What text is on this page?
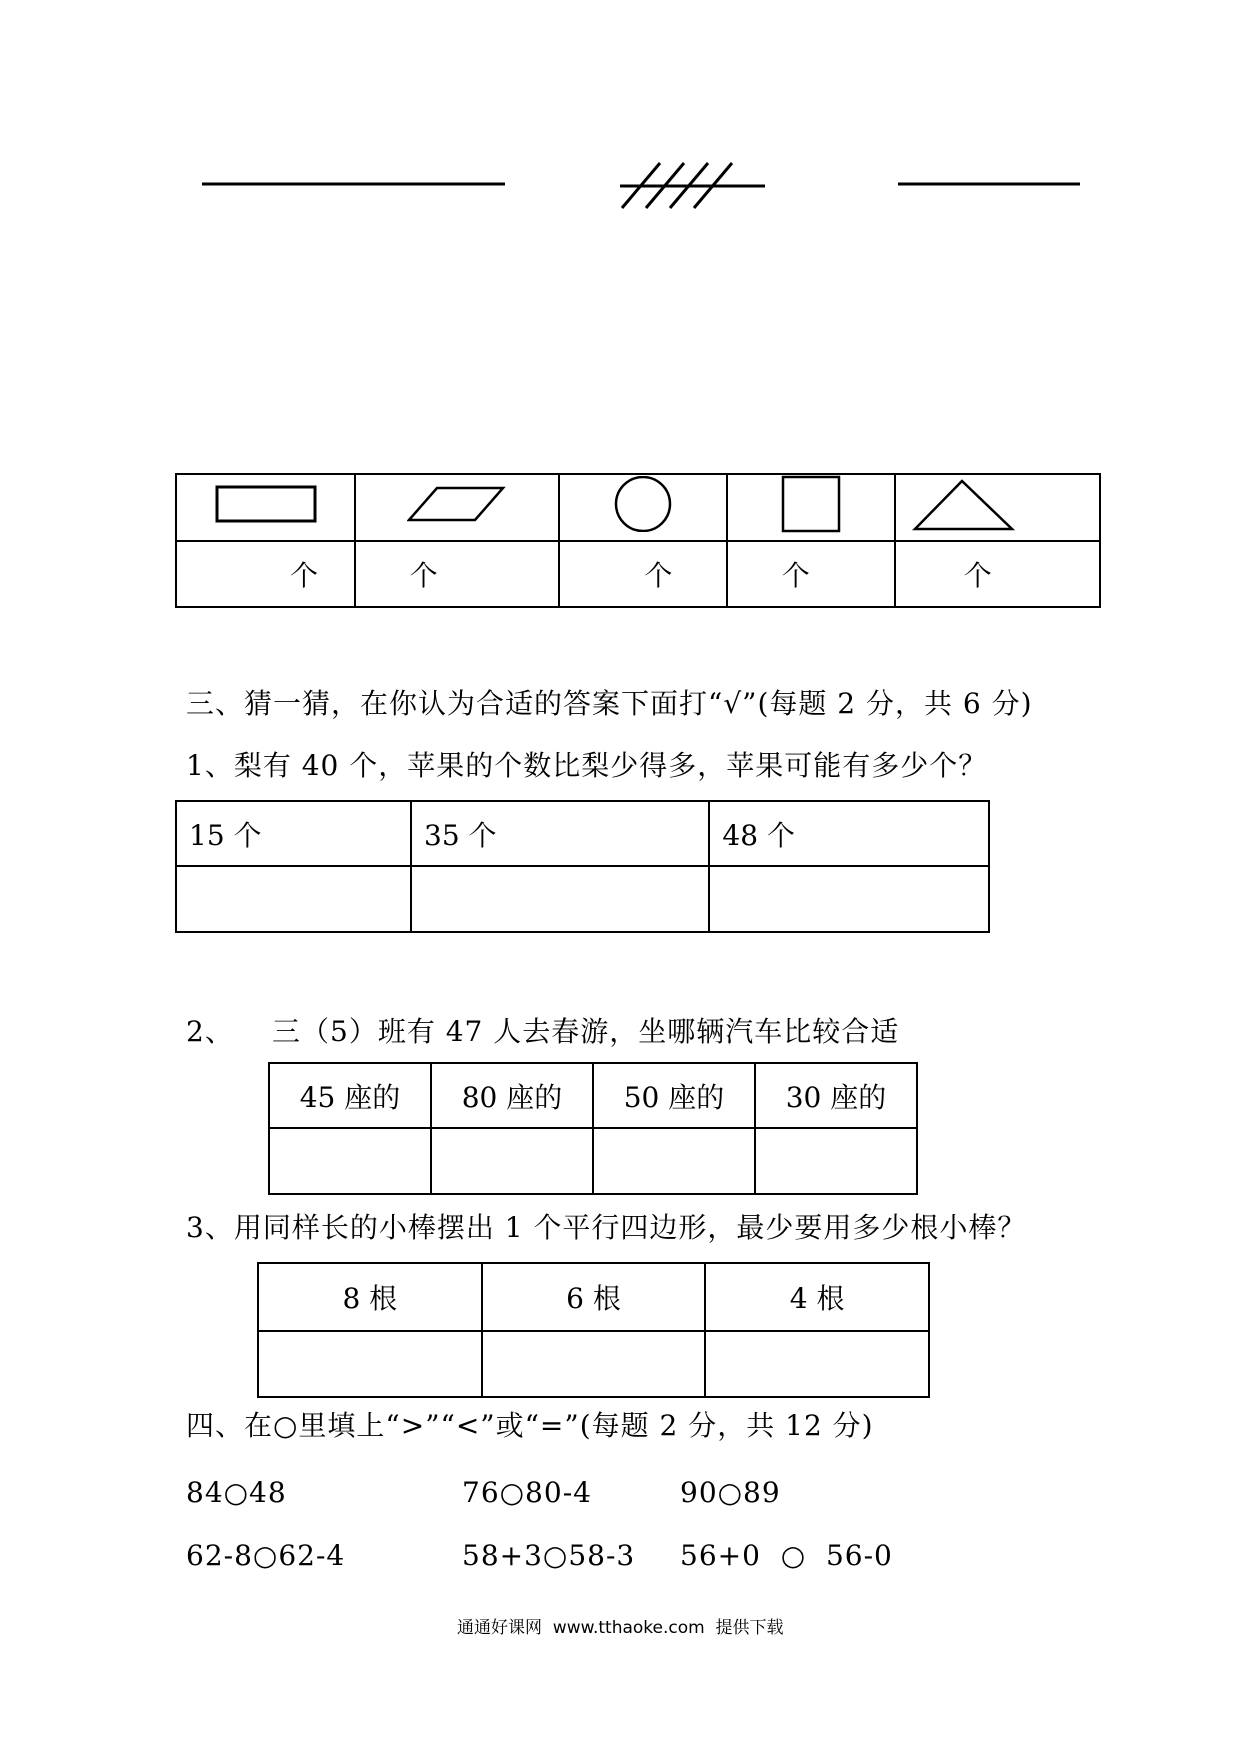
个	个	个	个	个
三、猜一猜，在你认为合适的答案下面打“√”(每题 2 分，共 6 分)
1、梨有 40 个，苹果的个数比梨少得多，苹果可能有多少个？
15 个	35 个	48 个

2、 三（5）班有 47 人去春游，坐哪辆汽车比较合适
45 座的	80 座的	50 座的	30 座的

3、用同样长的小棒摆出 1 个平行四边形，最少要用多少根小棒？
8 根	6 根	4 根

四、在○里填上“>”“<”或“=”(每题 2 分，共 12 分)
84○48	76○80-4	90○89
62-8○62-4	58+3○58-3 56+0  ○  56-0
通通好课网  www.tthaoke.com  提供下载
